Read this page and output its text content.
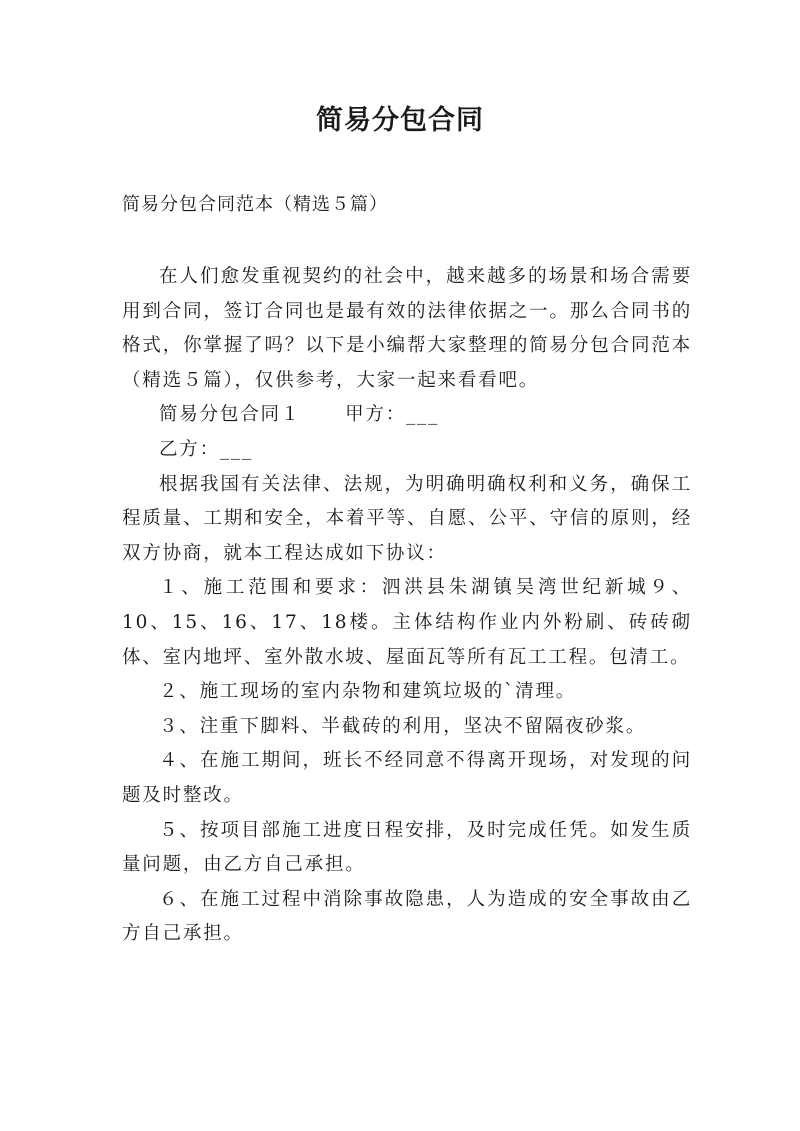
简易分包合同
简易分包合同范本（精选５篇）

在人们愈发重视契约的社会中，越来越多的场景和场合需要用到合同，签订合同也是最有效的法律依据之一。那么合同书的格式，你掌握了吗？以下是小编帮大家整理的简易分包合同范本（精选５篇），仅供参考，大家一起来看看吧。

简易分包合同１ 甲方：___

乙方：___

根据我国有关法律、法规，为明确明确权利和义务，确保工程质量、工期和安全，本着平等、自愿、公平、守信的原则，经双方协商，就本工程达成如下协议：

１、施工范围和要求：泗洪县朱湖镇吴湾世纪新城９、10、15、16、17、18楼。主体结构作业内外粉刷、砖砖砌体、室内地坪、室外散水坡、屋面瓦等所有瓦工工程。包清工。

２、施工现场的室内杂物和建筑垃圾的`清理。

３、注重下脚料、半截砖的利用，坚决不留隔夜砂浆。

４、在施工期间，班长不经同意不得离开现场，对发现的问题及时整改。

５、按项目部施工进度日程安排，及时完成任凭。如发生质量问题，由乙方自己承担。

６、在施工过程中消除事故隐患，人为造成的安全事故由乙方自己承担。
